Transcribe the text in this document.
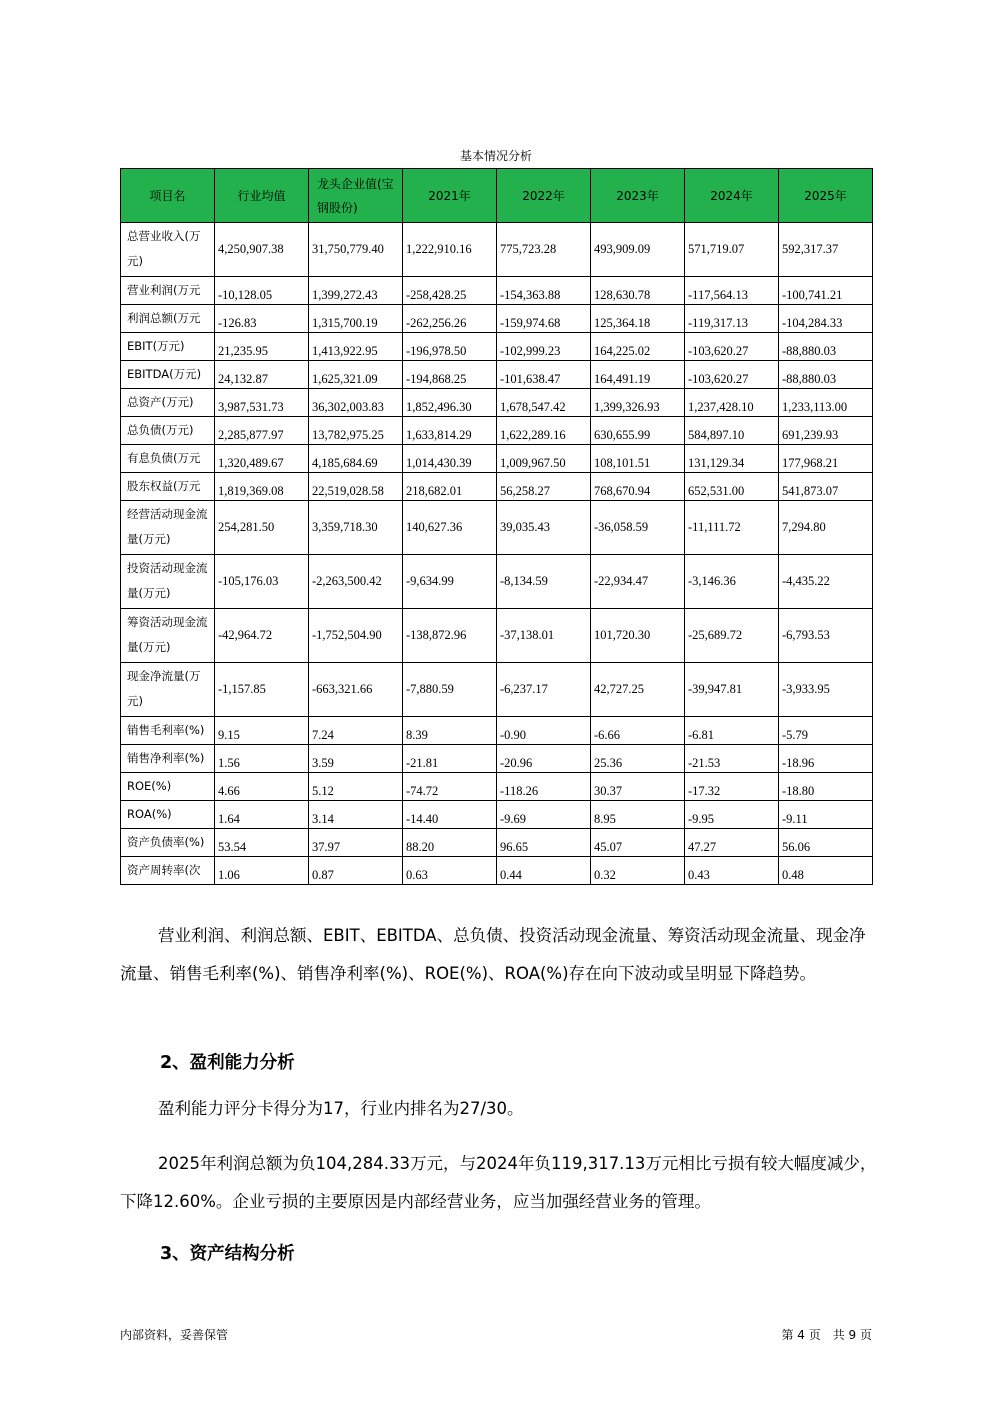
基本情况分析
项目名	行业均值	龙头企业值(宝钢股份)	2021年	2022年	2023年	2024年	2025年
总营业收入(万元)	4,250,907.38	31,750,779.40	1,222,910.16	775,723.28	493,909.09	571,719.07	592,317.37
营业利润(万元	-10,128.05	1,399,272.43	-258,428.25	-154,363.88	128,630.78	-117,564.13	-100,741.21
利润总额(万元	-126.83	1,315,700.19	-262,256.26	-159,974.68	125,364.18	-119,317.13	-104,284.33
EBIT(万元)	21,235.95	1,413,922.95	-196,978.50	-102,999.23	164,225.02	-103,620.27	-88,880.03
EBITDA(万元)	24,132.87	1,625,321.09	-194,868.25	-101,638.47	164,491.19	-103,620.27	-88,880.03
总资产(万元)	3,987,531.73	36,302,003.83	1,852,496.30	1,678,547.42	1,399,326.93	1,237,428.10	1,233,113.00
总负债(万元)	2,285,877.97	13,782,975.25	1,633,814.29	1,622,289.16	630,655.99	584,897.10	691,239.93
有息负债(万元	1,320,489.67	4,185,684.69	1,014,430.39	1,009,967.50	108,101.51	131,129.34	177,968.21
股东权益(万元	1,819,369.08	22,519,028.58	218,682.01	56,258.27	768,670.94	652,531.00	541,873.07
经营活动现金流量(万元)	254,281.50	3,359,718.30	140,627.36	39,035.43	-36,058.59	-11,111.72	7,294.80
投资活动现金流量(万元)	-105,176.03	-2,263,500.42	-9,634.99	-8,134.59	-22,934.47	-3,146.36	-4,435.22
筹资活动现金流量(万元)	-42,964.72	-1,752,504.90	-138,872.96	-37,138.01	101,720.30	-25,689.72	-6,793.53
现金净流量(万元)	-1,157.85	-663,321.66	-7,880.59	-6,237.17	42,727.25	-39,947.81	-3,933.95
销售毛利率(%)	9.15	7.24	8.39	-0.90	-6.66	-6.81	-5.79
销售净利率(%)	1.56	3.59	-21.81	-20.96	25.36	-21.53	-18.96
ROE(%)	4.66	5.12	-74.72	-118.26	30.37	-17.32	-18.80
ROA(%)	1.64	3.14	-14.40	-9.69	8.95	-9.95	-9.11
资产负债率(%)	53.54	37.97	88.20	96.65	45.07	47.27	56.06
资产周转率(次	1.06	0.87	0.63	0.44	0.32	0.43	0.48
营业利润、利润总额、EBIT、EBITDA、总负债、投资活动现金流量、筹资活动现金流量、现金净流量、销售毛利率(%)、销售净利率(%)、ROE(%)、ROA(%)存在向下波动或呈明显下降趋势。
2、盈利能力分析
盈利能力评分卡得分为17，行业内排名为27/30。
2025年利润总额为负104,284.33万元，与2024年负119,317.13万元相比亏损有较大幅度减少，下降12.60%。企业亏损的主要原因是内部经营业务，应当加强经营业务的管理。
3、资产结构分析
内部资料，妥善保管	第 4 页　共 9 页
